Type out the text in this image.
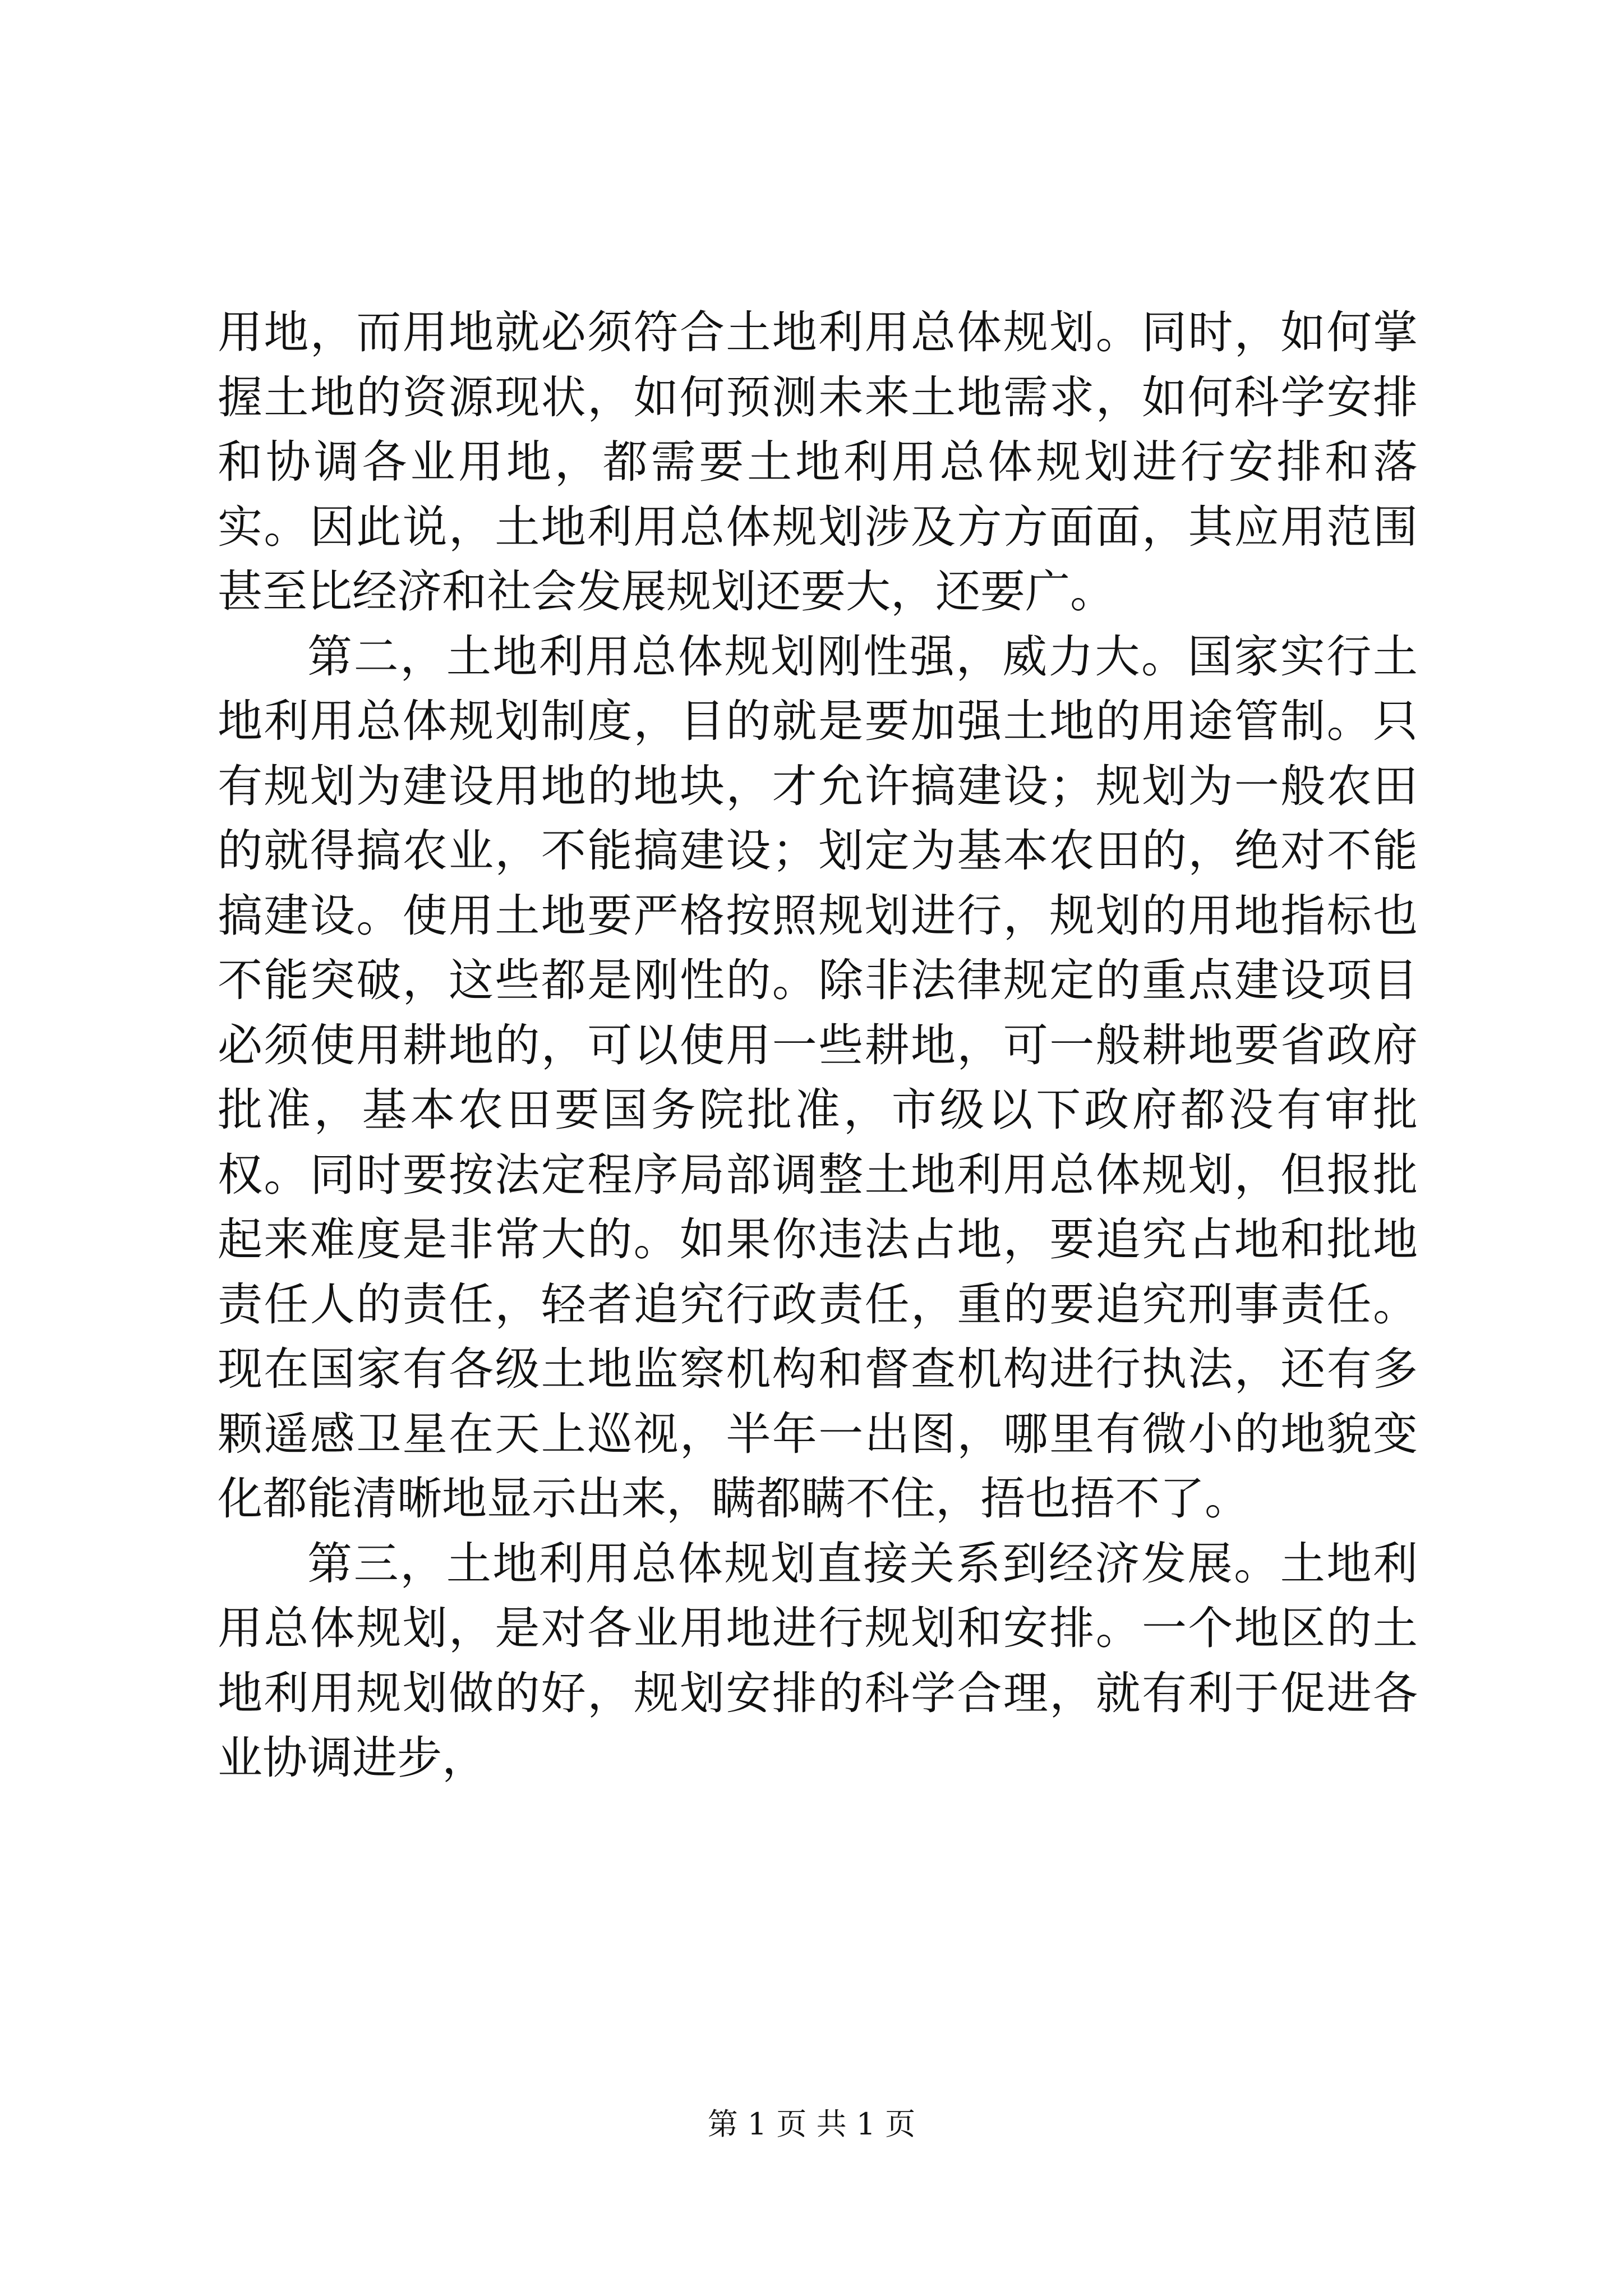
用地，而用地就必须符合土地利用总体规划。同时，如何掌握土地的资源现状，如何预测未来土地需求，如何科学安排和协调各业用地，都需要土地利用总体规划进行安排和落实。因此说，土地利用总体规划涉及方方面面，其应用范围甚至比经济和社会发展规划还要大，还要广。

第二，土地利用总体规划刚性强，威力大。国家实行土地利用总体规划制度，目的就是要加强土地的用途管制。只有规划为建设用地的地块，才允许搞建设；规划为一般农田的就得搞农业，不能搞建设；划定为基本农田的，绝对不能搞建设。使用土地要严格按照规划进行，规划的用地指标也不能突破，这些都是刚性的。除非法律规定的重点建设项目必须使用耕地的，可以使用一些耕地，可一般耕地要省政府批准，基本农田要国务院批准，市级以下政府都没有审批权。同时要按法定程序局部调整土地利用总体规划，但报批起来难度是非常大的。如果你违法占地，要追究占地和批地责任人的责任，轻者追究行政责任，重的要追究刑事责任。现在国家有各级土地监察机构和督查机构进行执法，还有多颗遥感卫星在天上巡视，半年一出图，哪里有微小的地貌变化都能清晰地显示出来，瞒都瞒不住，捂也捂不了。

第三，土地利用总体规划直接关系到经济发展。土地利用总体规划，是对各业用地进行规划和安排。一个地区的土地利用规划做的好，规划安排的科学合理，就有利于促进各业协调进步，

第 1 页 共 1 页
